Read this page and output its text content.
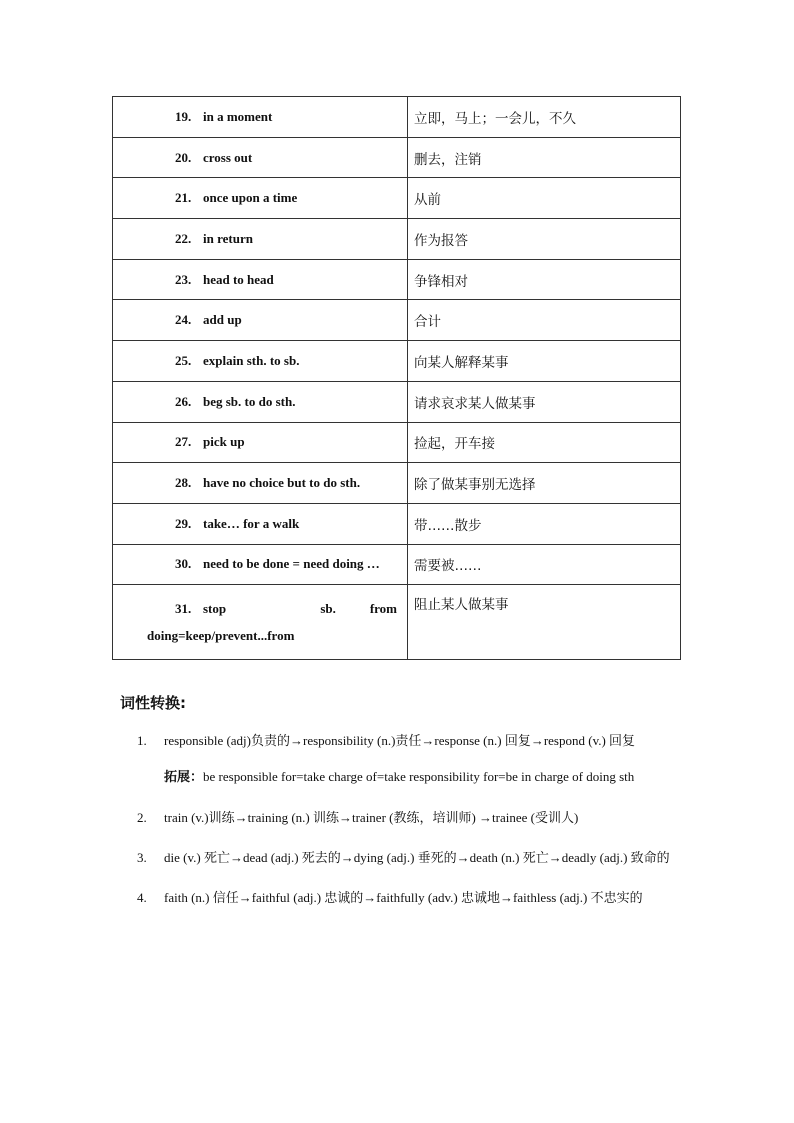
19. in a moment	立即，马上；一会儿，不久

20. cross out	删去，注销

21. once upon a time	从前

22. in return	作为报答

23. head to head	争锋相对

24. add up	合计

25. explain sth. to sb.	向某人解释某事

26. beg sb. to do sth.	请求哀求某人做某事

27. pick up	捡起，开车接

28. have no choice but to do sth.	除了做某事别无选择

29. take… for a walk	带……散步

30. need to be done = need doing …	需要被……

31. stop sb. from
doing=keep/prevent...from	阻止某人做某事
词性转换:
1. responsible (adj)负责的→responsibility (n.)责任→response (n.) 回复→respond (v.) 回复
拓展：be responsible for=take charge of=take responsibility for=be in charge of doing sth
2. train (v.)训练→training (n.) 训练→trainer (教练，培训师) →trainee (受训人)
3. die (v.) 死亡→dead (adj.) 死去的→dying (adj.) 垂死的→death (n.) 死亡→deadly (adj.) 致命的
4. faith (n.) 信任→faithful (adj.) 忠诚的→faithfully (adv.) 忠诚地→faithless (adj.) 不忠实的
